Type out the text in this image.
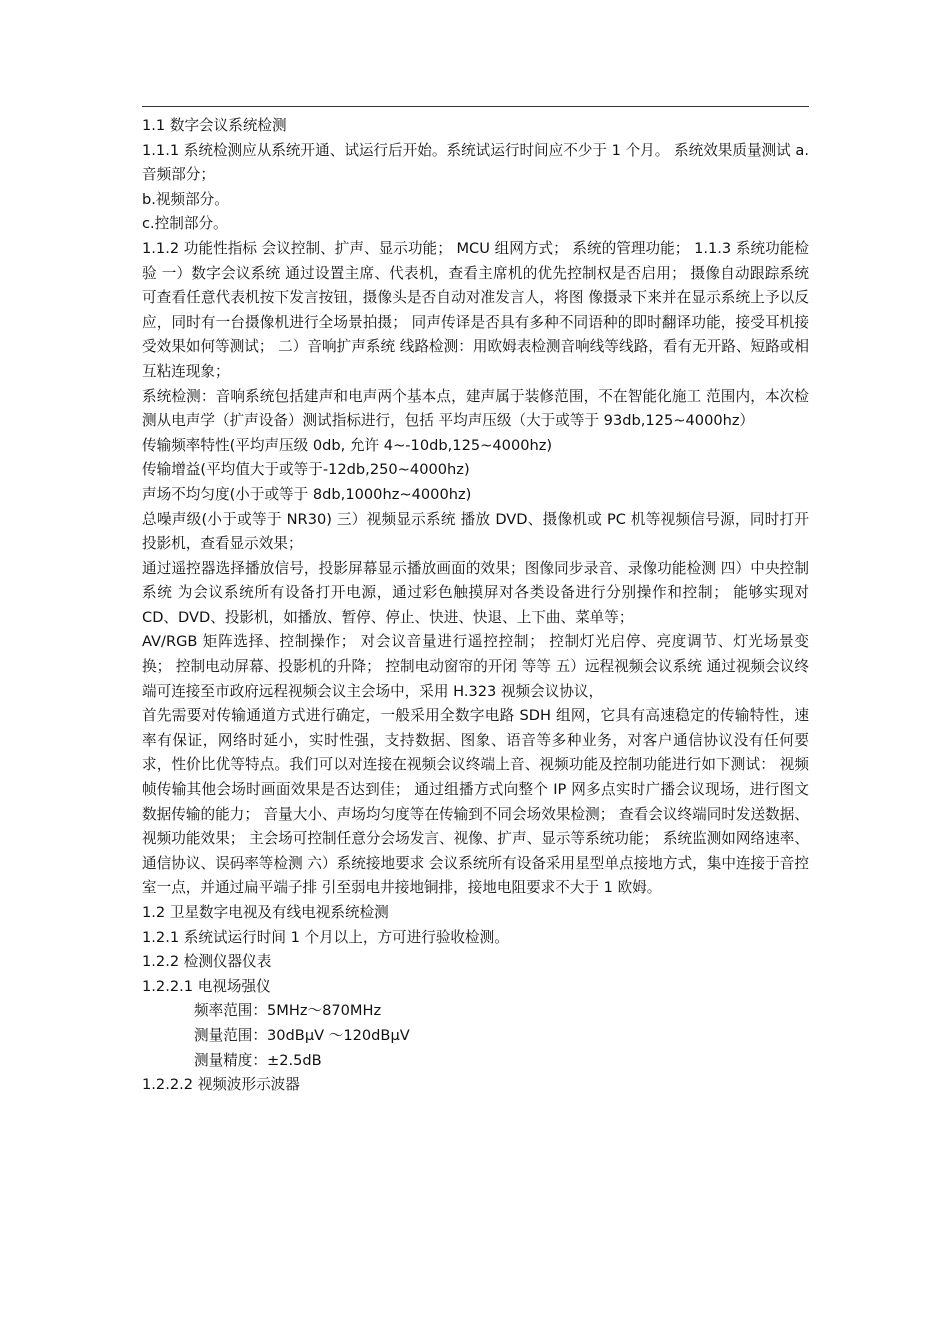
1.1 数字会议系统检测

1.1.1 系统检测应从系统开通、试运行后开始。系统试运行时间应不少于 1 个月。 系统效果质量测试 a.音频部分；

b.视频部分。

c.控制部分。

1.1.2 功能性指标 会议控制、扩声、显示功能； MCU 组网方式； 系统的管理功能； 1.1.3 系统功能检验 一）数字会议系统 通过设置主席、代表机，查看主席机的优先控制权是否启用； 摄像自动跟踪系统可查看任意代表机按下发言按钮，摄像头是否自动对准发言人，将图 像摄录下来并在显示系统上予以反应，同时有一台摄像机进行全场景拍摄； 同声传译是否具有多种不同语种的即时翻译功能，接受耳机接受效果如何等测试； 二）音响扩声系统 线路检测：用欧姆表检测音响线等线路，看有无开路、短路或相互粘连现象；

系统检测：音响系统包括建声和电声两个基本点，建声属于装修范围，不在智能化施工 范围内，本次检测从电声学（扩声设备）测试指标进行，包括 平均声压级（大于或等于 93db,125~4000hz）

传输频率特性(平均声压级 0db, 允许 4~-10db,125~4000hz)

传输增益(平均值大于或等于-12db,250~4000hz)

声场不均匀度(小于或等于 8db,1000hz~4000hz)

总噪声级(小于或等于 NR30) 三）视频显示系统 播放 DVD、摄像机或 PC 机等视频信号源，同时打开投影机，查看显示效果；

通过遥控器选择播放信号，投影屏幕显示播放画面的效果；图像同步录音、录像功能检测 四）中央控制系统 为会议系统所有设备打开电源，通过彩色触摸屏对各类设备进行分别操作和控制； 能够实现对 CD、DVD、投影机，如播放、暂停、停止、快进、快退、上下曲、菜单等；

AV/RGB 矩阵选择、控制操作； 对会议音量进行遥控控制； 控制灯光启停、亮度调节、灯光场景变换； 控制电动屏幕、投影机的升降； 控制电动窗帘的开闭 等等 五）远程视频会议系统 通过视频会议终端可连接至市政府远程视频会议主会场中，采用 H.323 视频会议协议，

首先需要对传输通道方式进行确定，一般采用全数字电路 SDH 组网，它具有高速稳定的传输特性，速率有保证，网络时延小，实时性强，支持数据、图象、语音等多种业务，对客户通信协议没有任何要求，性价比优等特点。我们可以对连接在视频会议终端上音、视频功能及控制功能进行如下测试： 视频帧传输其他会场时画面效果是否达到佳； 通过组播方式向整个 IP 网多点实时广播会议现场，进行图文数据传输的能力； 音量大小、声场均匀度等在传输到不同会场效果检测； 查看会议终端同时发送数据、视频功能效果； 主会场可控制任意分会场发言、视像、扩声、显示等系统功能； 系统监测如网络速率、通信协议、误码率等检测 六）系统接地要求 会议系统所有设备采用星型单点接地方式，集中连接于音控室一点，并通过扁平端子排 引至弱电井接地铜排，接地电阻要求不大于 1 欧姆。

1.2 卫星数字电视及有线电视系统检测

1.2.1 系统试运行时间 1 个月以上，方可进行验收检测。

1.2.2 检测仪器仪表

1.2.2.1 电视场强仪

频率范围：5MHz～870MHz

测量范围：30dBμV ～120dBμV

测量精度：±2.5dB

1.2.2.2 视频波形示波器
